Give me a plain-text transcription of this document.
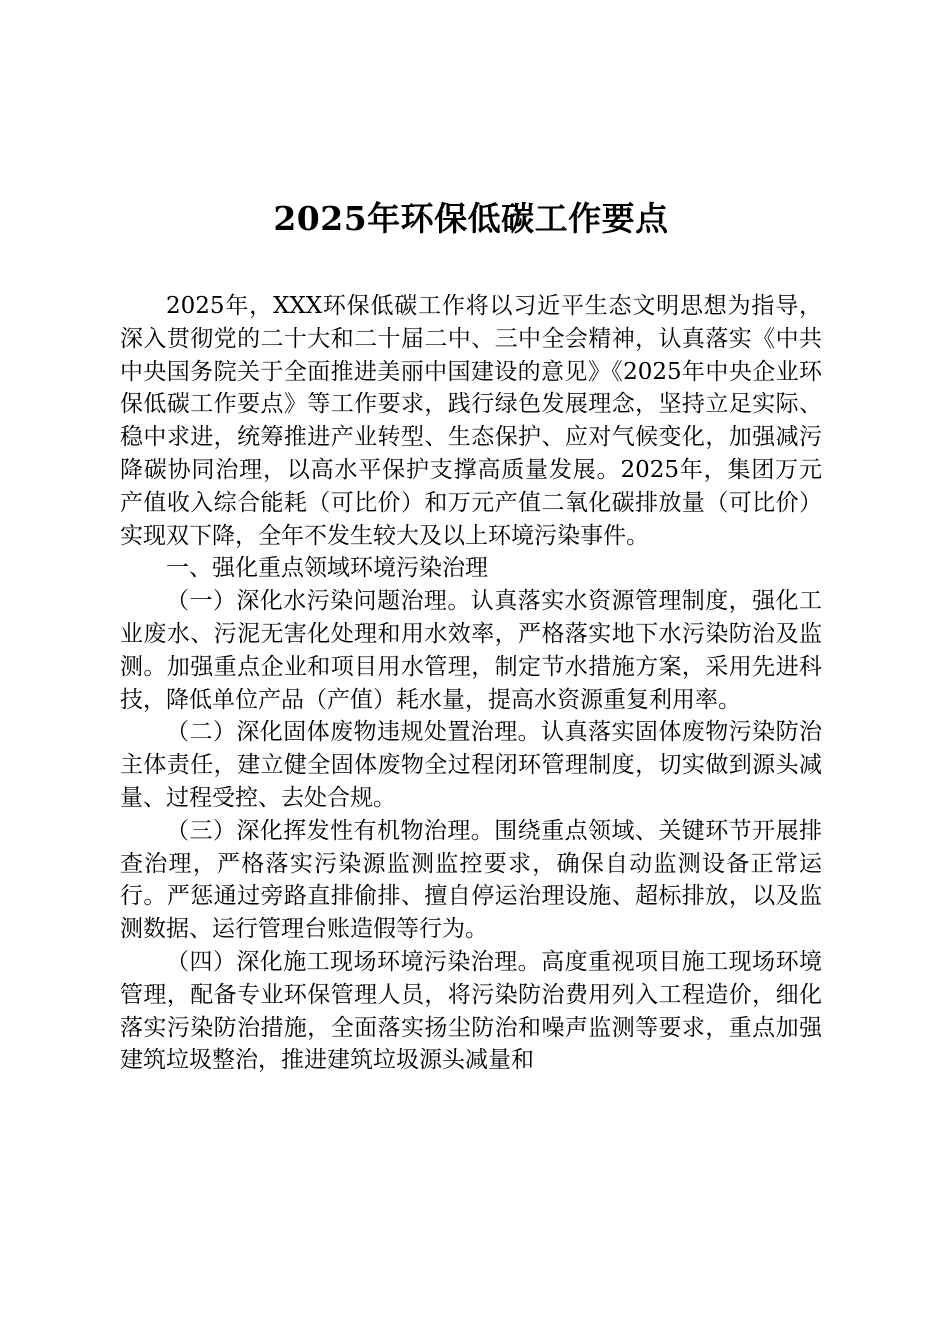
2025年环保低碳工作要点

2025年，XXX环保低碳工作将以习近平生态文明思想为指导，深入贯彻党的二十大和二十届二中、三中全会精神，认真落实《中共中央国务院关于全面推进美丽中国建设的意见》《2025年中央企业环保低碳工作要点》等工作要求，践行绿色发展理念，坚持立足实际、稳中求进，统筹推进产业转型、生态保护、应对气候变化，加强减污降碳协同治理，以高水平保护支撑高质量发展。2025年，集团万元产值收入综合能耗（可比价）和万元产值二氧化碳排放量（可比价）实现双下降，全年不发生较大及以上环境污染事件。

一、强化重点领域环境污染治理

（一）深化水污染问题治理。认真落实水资源管理制度，强化工业废水、污泥无害化处理和用水效率，严格落实地下水污染防治及监测。加强重点企业和项目用水管理，制定节水措施方案，采用先进科技，降低单位产品（产值）耗水量，提高水资源重复利用率。

（二）深化固体废物违规处置治理。认真落实固体废物污染防治主体责任，建立健全固体废物全过程闭环管理制度，切实做到源头减量、过程受控、去处合规。

（三）深化挥发性有机物治理。围绕重点领域、关键环节开展排查治理，严格落实污染源监测监控要求，确保自动监测设备正常运行。严惩通过旁路直排偷排、擅自停运治理设施、超标排放，以及监测数据、运行管理台账造假等行为。

（四）深化施工现场环境污染治理。高度重视项目施工现场环境管理，配备专业环保管理人员，将污染防治费用列入工程造价，细化落实污染防治措施，全面落实扬尘防治和噪声监测等要求，重点加强建筑垃圾整治，推进建筑垃圾源头减量和
